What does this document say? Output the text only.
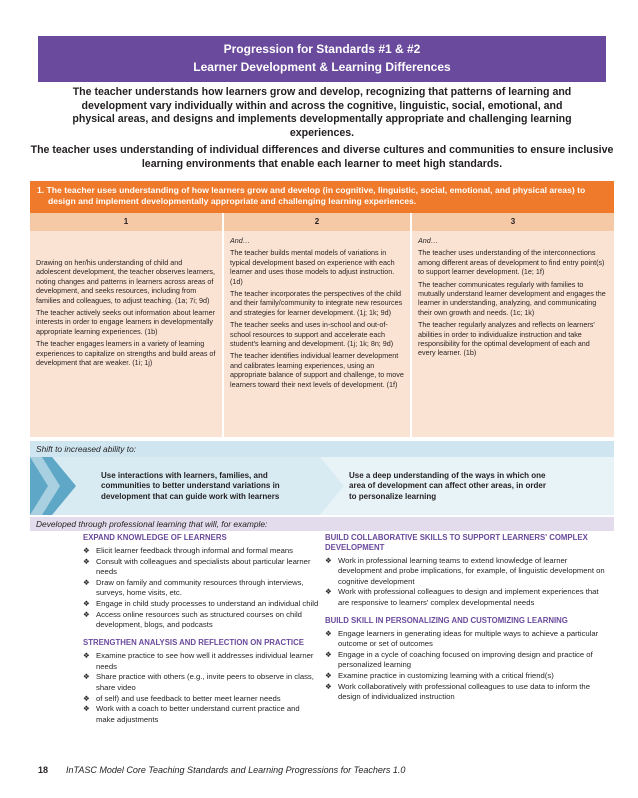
Progression for Standards #1 & #2
Learner Development & Learning Differences
The teacher understands how learners grow and develop, recognizing that patterns of learning and development vary individually within and across the cognitive, linguistic, social, emotional, and physical areas, and designs and implements developmentally appropriate and challenging learning experiences.
The teacher uses understanding of individual differences and diverse cultures and communities to ensure inclusive learning environments that enable each learner to meet high standards.
1. The teacher uses understanding of how learners grow and develop (in cognitive, linguistic, social, emotional, and physical areas) to design and implement developmentally appropriate and challenging learning experiences.
1	2	3

Drawing on her/his understanding of child and adolescent development, the teacher observes learners, noting changes and patterns in learners across areas of development, and seeks resources, including from families and colleagues, to adjust teaching. (1a; 7i; 9d)

The teacher actively seeks out information about learner interests in order to engage learners in developmentally appropriate learning experiences. (1b)

The teacher engages learners in a variety of learning experiences to capitalize on strengths and build areas of development that are weaker. (1i; 1j)

And…

The teacher builds mental models of variations in typical development based on experience with each learner and uses those models to adjust instruction. (1d)

The teacher incorporates the perspectives of the child and their family/community to integrate new resources and strategies for learner development. (1j; 1k; 9d)

The teacher seeks and uses in-school and out-of-school resources to support and accelerate each student's learning and development. (1j; 1k; 8n; 9d)

The teacher identifies individual learner development and calibrates learning experiences, using an appropriate balance of support and challenge, to move learners toward their next levels of development. (1f)

And…

The teacher uses understanding of the interconnections among different areas of development to find entry point(s) to support learner development. (1e; 1f)

The teacher communicates regularly with families to mutually understand learner development and engages the learner in understanding, analyzing, and communicating their own growth and needs. (1c; 1k)

The teacher regularly analyzes and reflects on learners' abilities in order to individualize instruction and take responsibility for the optimal development of each and every learner. (1b)

Shift to increased ability to:
Use interactions with learners, families, and communities to better understand variations in development that can guide work with learners
Use a deep understanding of the ways in which one area of development can affect other areas, in order to personalize learning
Developed through professional learning that will, for example:
EXPAND KNOWLEDGE OF LEARNERS
❖ Elicit learner feedback through informal and formal means
❖ Consult with colleagues and specialists about particular learner needs
❖ Draw on family and community resources through interviews, surveys, home visits, etc.
❖ Engage in child study processes to understand an individual child
❖ Access online resources such as structured courses on child development, blogs, and podcasts
STRENGTHEN ANALYSIS AND REFLECTION ON PRACTICE
❖ Examine practice to see how well it addresses individual learner needs
❖ Share practice with others (e.g., invite peers to observe in class, share video
❖ of self) and use feedback to better meet learner needs
❖ Work with a coach to better understand current practice and make adjustments
BUILD COLLABORATIVE SKILLS TO SUPPORT LEARNERS' COMPLEX DEVELOPMENT
❖ Work in professional learning teams to extend knowledge of learner development and probe implications, for example, of linguistic development on cognitive development
❖ Work with professional colleagues to design and implement experiences that are responsive to learners' complex developmental needs
BUILD SKILL IN PERSONALIZING AND CUSTOMIZING LEARNING
❖ Engage learners in generating ideas for multiple ways to achieve a particular outcome or set of outcomes
❖ Engage in a cycle of coaching focused on improving design and practice of personalized learning
❖ Examine practice in customizing learning with a critical friend(s)
❖ Work collaboratively with professional colleagues to use data to inform the design of individualized instruction
18 InTASC Model Core Teaching Standards and Learning Progressions for Teachers 1.0
